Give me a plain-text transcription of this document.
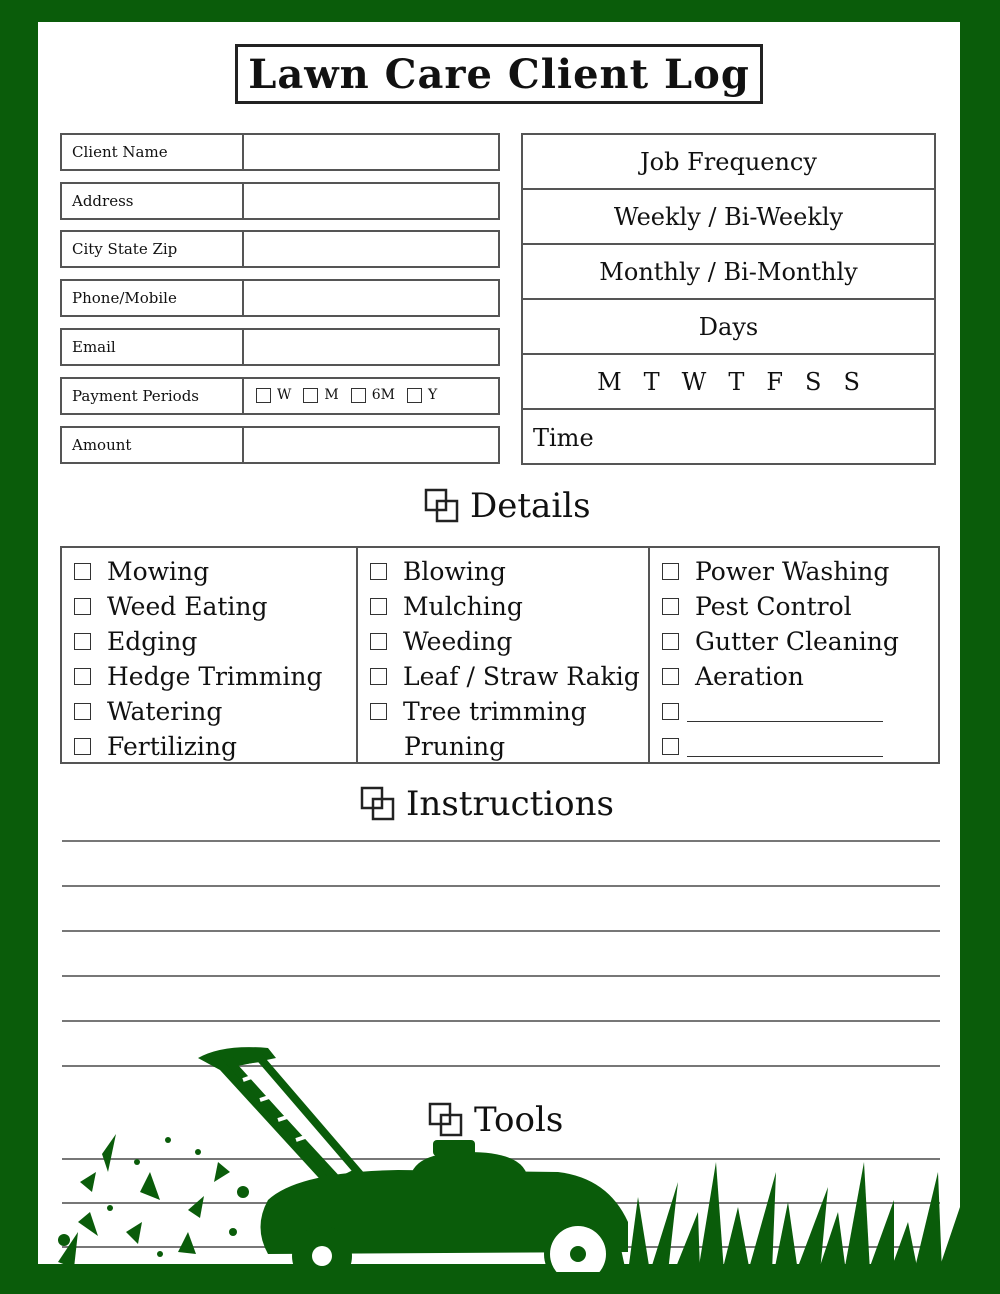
Lawn Care Client Log
Client Name
Address
City State Zip
Phone/Mobile
Email
Payment Periods	W M 6M Y
Amount
Job Frequency
Weekly / Bi-Weekly
Monthly / Bi-Monthly
Days
M T W T F S S
Time
Details
Mowing
Weed Eating
Edging
Hedge Trimming
Watering
Fertilizing
Blowing
Mulching
Weeding
Leaf / Straw Rakig
Tree trimming
Pruning
Power Washing
Pest Control
Gutter Cleaning
Aeration
Instructions
Tools
